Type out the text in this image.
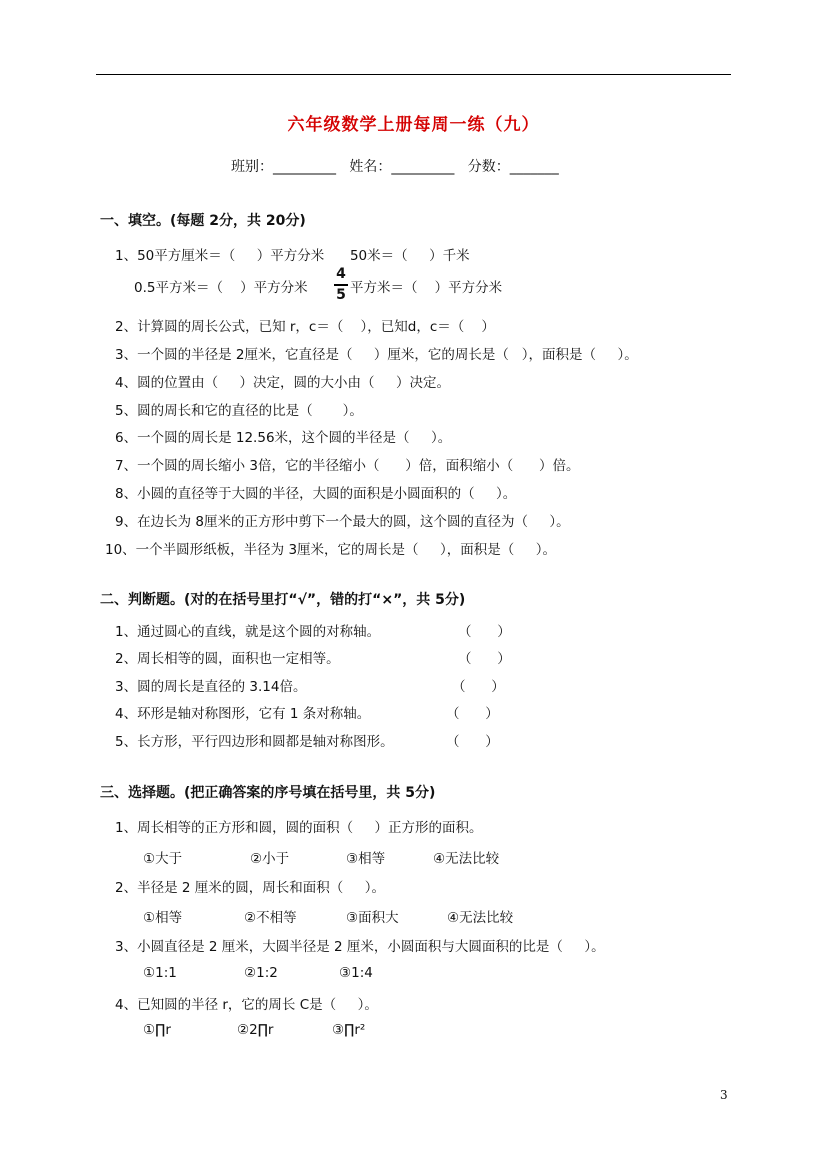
六年级数学上册每周一练（九）
班别：_________   姓名：_________   分数：_______
一、填空。(每题 2分，共 20分)
1、50平方厘米＝（     ）平方分米      50米＝（     ）千米
0.5平方米＝（    ）平方分米
4
5 平方米＝（    ）平方分米
2、计算圆的周长公式，已知 r，c＝（    ），已知d，c＝（    ）
3、一个圆的半径是 2厘米，它直径是（     ）厘米，它的周长是（   ），面积是（     ）。
4、圆的位置由（     ）决定，圆的大小由（     ）决定。
5、圆的周长和它的直径的比是（       ）。
6、一个圆的周长是 12.56米，这个圆的半径是（     ）。
7、一个圆的周长缩小 3倍，它的半径缩小（      ）倍，面积缩小（      ）倍。
8、小圆的直径等于大圆的半径，大圆的面积是小圆面积的（     ）。
9、在边长为 8厘米的正方形中剪下一个最大的圆，这个圆的直径为（     ）。
10、一个半圆形纸板，半径为 3厘米，它的周长是（     ），面积是（     ）。
二、判断题。(对的在括号里打“√”，错的打“×”，共 5分)
1、通过圆心的直线，就是这个圆的对称轴。	（      ）
2、周长相等的圆，面积也一定相等。	（      ）
3、圆的周长是直径的 3.14倍。	（      ）
4、环形是轴对称图形，它有 1 条对称轴。	（      ）
5、长方形，平行四边形和圆都是轴对称图形。	（      ）
三、选择题。(把正确答案的序号填在括号里，共 5分)
1、周长相等的正方形和圆，圆的面积（     ）正方形的面积。
①大于	②小于	③相等	④无法比较
2、半径是 2 厘米的圆，周长和面积（     ）。
①相等	②不相等	③面积大	④无法比较
3、小圆直径是 2 厘米，大圆半径是 2 厘米，小圆面积与大圆面积的比是（     ）。
①1:1	②1:2	③1:4
4、已知圆的半径 r，它的周长 C是（     ）。
①∏r	②2∏r	③∏r²
3
